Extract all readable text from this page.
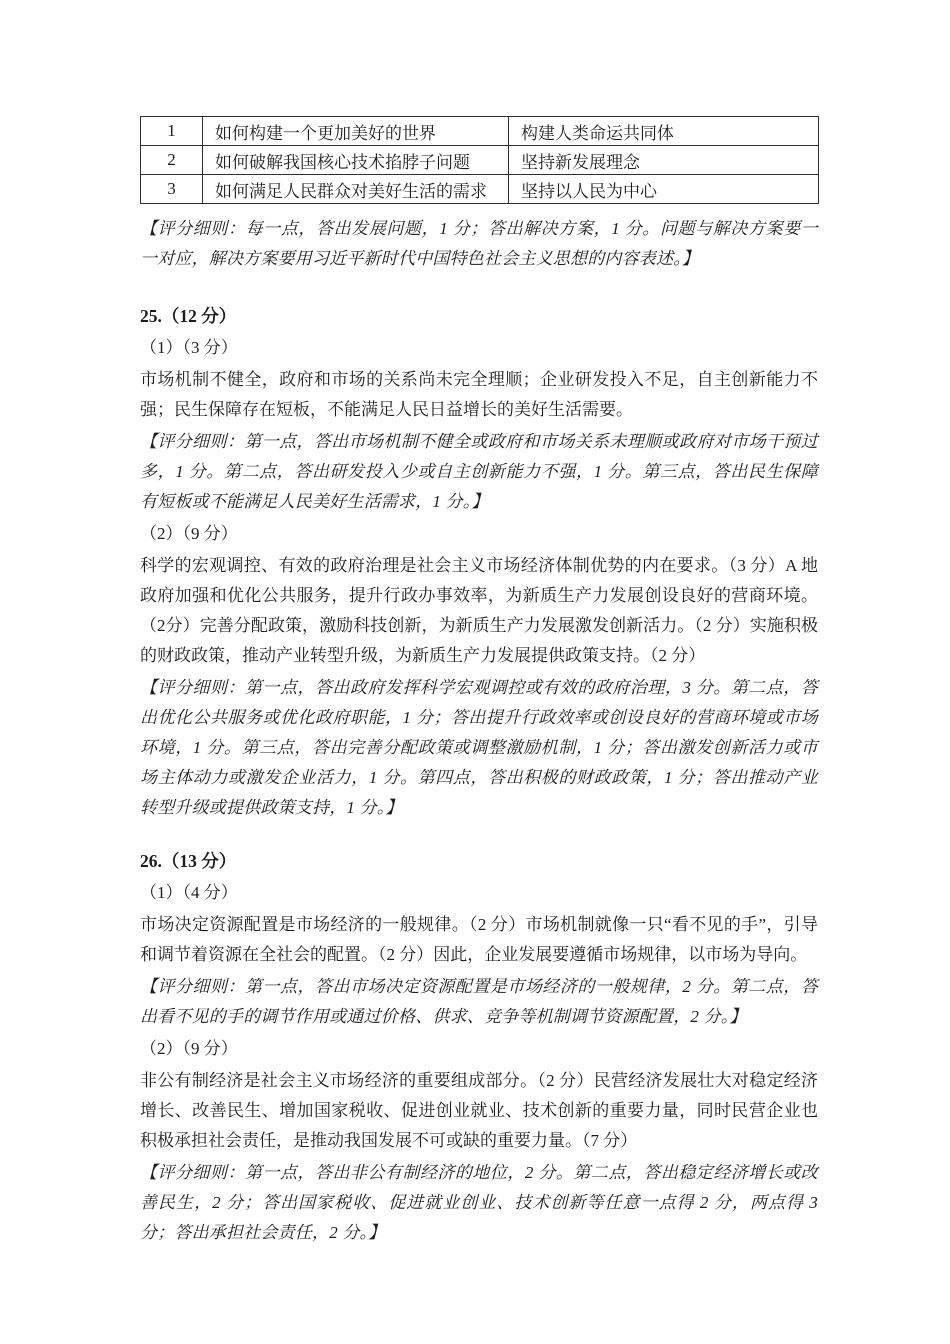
1	如何构建一个更加美好的世界	构建人类命运共同体
2	如何破解我国核心技术掐脖子问题	坚持新发展理念
3	如何满足人民群众对美好生活的需求	坚持以人民为中心

【评分细则：每一点，答出发展问题，1 分；答出解决方案，1 分。问题与解决方案要一一对应，解决方案要用习近平新时代中国特色社会主义思想的内容表述。】

25.（12 分）

（1）（3 分）

市场机制不健全，政府和市场的关系尚未完全理顺；企业研发投入不足，自主创新能力不强；民生保障存在短板，不能满足人民日益增长的美好生活需要。

【评分细则：第一点，答出市场机制不健全或政府和市场关系未理顺或政府对市场干预过多，1 分。第二点，答出研发投入少或自主创新能力不强，1 分。第三点，答出民生保障有短板或不能满足人民美好生活需求，1 分。】

（2）（9 分）

科学的宏观调控、有效的政府治理是社会主义市场经济体制优势的内在要求。（3 分）A 地政府加强和优化公共服务，提升行政办事效率，为新质生产力发展创设良好的营商环境。（2分）完善分配政策，激励科技创新，为新质生产力发展激发创新活力。（2 分）实施积极的财政政策，推动产业转型升级，为新质生产力发展提供政策支持。（2 分）

【评分细则：第一点，答出政府发挥科学宏观调控或有效的政府治理，3 分。第二点，答出优化公共服务或优化政府职能，1 分；答出提升行政效率或创设良好的营商环境或市场环境，1 分。第三点，答出完善分配政策或调整激励机制，1 分；答出激发创新活力或市场主体动力或激发企业活力，1 分。第四点，答出积极的财政政策，1 分；答出推动产业转型升级或提供政策支持，1 分。】

26.（13 分）

（1）（4 分）

市场决定资源配置是市场经济的一般规律。（2 分）市场机制就像一只“看不见的手”，引导和调节着资源在全社会的配置。（2 分）因此，企业发展要遵循市场规律，以市场为导向。

【评分细则：第一点，答出市场决定资源配置是市场经济的一般规律，2 分。第二点，答出看不见的手的调节作用或通过价格、供求、竞争等机制调节资源配置，2 分。】

（2）（9 分）

非公有制经济是社会主义市场经济的重要组成部分。（2 分）民营经济发展壮大对稳定经济增长、改善民生、增加国家税收、促进创业就业、技术创新的重要力量，同时民营企业也积极承担社会责任，是推动我国发展不可或缺的重要力量。（7 分）

【评分细则：第一点，答出非公有制经济的地位，2 分。第二点，答出稳定经济增长或改善民生，2 分；答出国家税收、促进就业创业、技术创新等任意一点得 2 分，两点得 3 分；答出承担社会责任，2 分。】
